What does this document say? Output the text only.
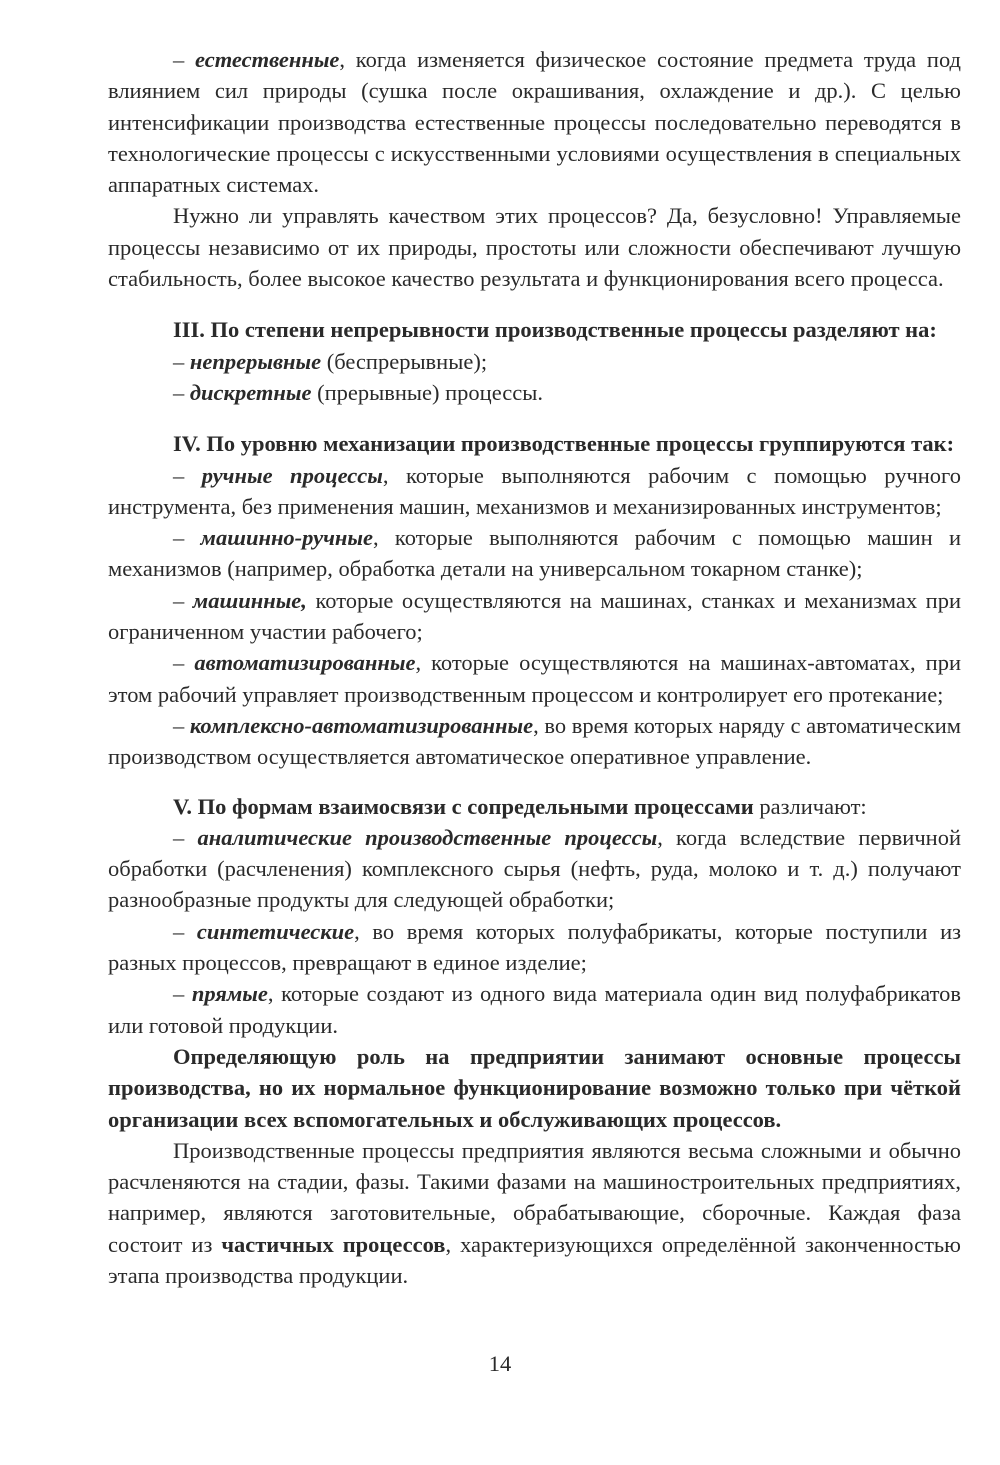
– естественные, когда изменяется физическое состояние предмета труда под влиянием сил природы (сушка после окрашивания, охлаждение и др.). С целью интенсификации производства естественные процессы последовательно переводятся в технологические процессы с искусственными условиями осуществления в специальных аппаратных системах.

Нужно ли управлять качеством этих процессов? Да, безусловно! Управляемые процессы независимо от их природы, простоты или сложности обеспечивают лучшую стабильность, более высокое качество результата и функционирования всего процесса.

III. По степени непрерывности производственные процессы разделяют на:

– непрерывные (беспрерывные);

– дискретные (прерывные) процессы.

IV. По уровню механизации производственные процессы группируются так:

– ручные процессы, которые выполняются рабочим с помощью ручного инструмента, без применения машин, механизмов и механизированных инструментов;

– машинно-ручные, которые выполняются рабочим с помощью машин и механизмов (например, обработка детали на универсальном токарном станке);

– машинные, которые осуществляются на машинах, станках и механизмах при ограниченном участии рабочего;

– автоматизированные, которые осуществляются на машинах-автоматах, при этом рабочий управляет производственным процессом и контролирует его протекание;

– комплексно-автоматизированные, во время которых наряду с автоматическим производством осуществляется автоматическое оперативное управление.

V. По формам взаимосвязи с сопредельными процессами различают:

– аналитические производственные процессы, когда вследствие первичной обработки (расчленения) комплексного сырья (нефть, руда, молоко и т. д.) получают разнообразные продукты для следующей обработки;

– синтетические, во время которых полуфабрикаты, которые поступили из разных процессов, превращают в единое изделие;

– прямые, которые создают из одного вида материала один вид полуфабрикатов или готовой продукции.

Определяющую роль на предприятии занимают основные процессы производства, но их нормальное функционирование возможно только при чёткой организации всех вспомогательных и обслуживающих процессов.

Производственные процессы предприятия являются весьма сложными и обычно расчленяются на стадии, фазы. Такими фазами на машиностроительных предприятиях, например, являются заготовительные, обрабатывающие, сборочные. Каждая фаза состоит из частичных процессов, характеризующихся определённой законченностью этапа производства продукции.

14
